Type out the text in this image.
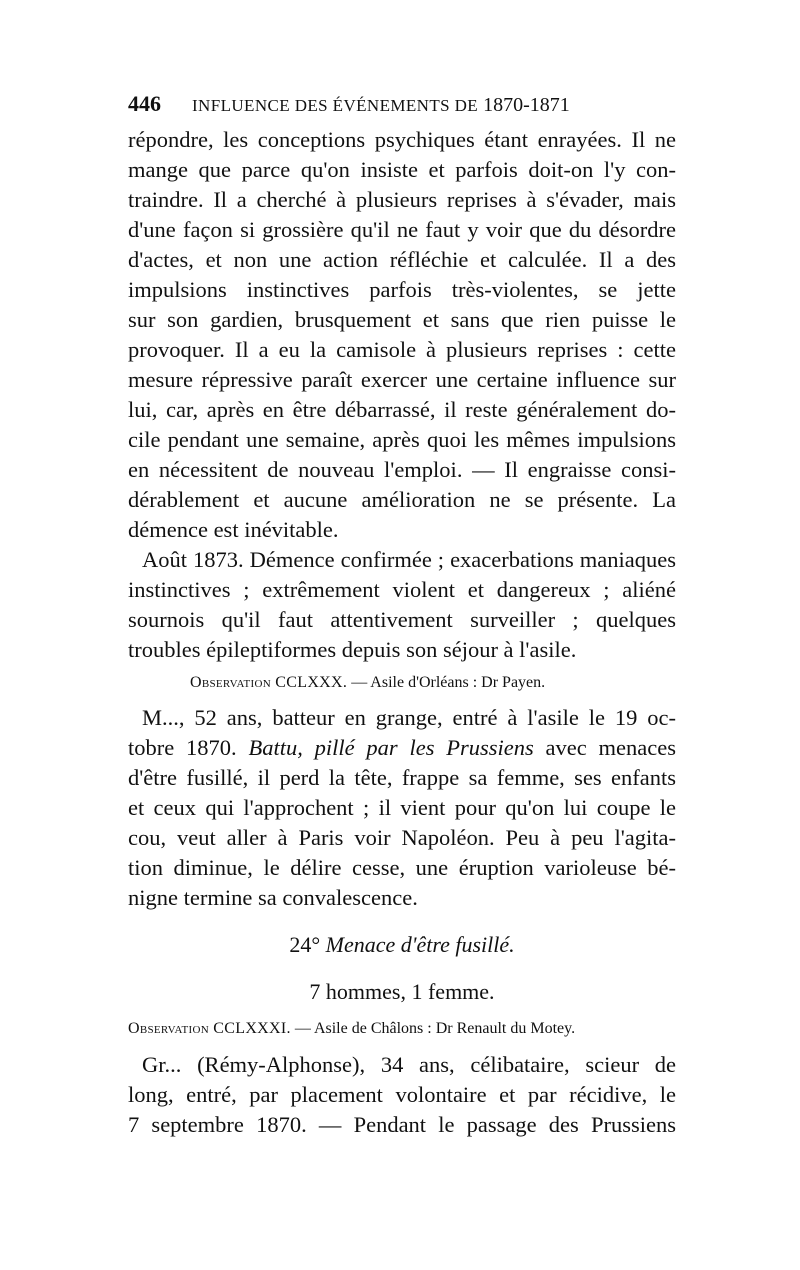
446 INFLUENCE DES ÉVÉNEMENTS DE 1870-1871
répondre, les conceptions psychiques étant enrayées. Il ne
mange que parce qu'on insiste et parfois doit-on l'y con-
traindre. Il a cherché à plusieurs reprises à s'évader, mais
d'une façon si grossière qu'il ne faut y voir que du désordre
d'actes, et non une action réfléchie et calculée. Il a des
impulsions instinctives parfois très-violentes, se jette
sur son gardien, brusquement et sans que rien puisse le
provoquer. Il a eu la camisole à plusieurs reprises : cette
mesure répressive paraît exercer une certaine influence sur
lui, car, après en être débarrassé, il reste généralement do-
cile pendant une semaine, après quoi les mêmes impulsions
en nécessitent de nouveau l'emploi. — Il engraisse consi-
dérablement et aucune amélioration ne se présente. La
démence est inévitable.
Août 1873. Démence confirmée ; exacerbations maniaques
instinctives ; extrêmement violent et dangereux ; aliéné
sournois qu'il faut attentivement surveiller ; quelques
troubles épileptiformes depuis son séjour à l'asile.
Observation CCLXXX. — Asile d'Orléans : Dr Payen.
M..., 52 ans, batteur en grange, entré à l'asile le 19 oc-
tobre 1870. Battu, pillé par les Prussiens avec menaces
d'être fusillé, il perd la tête, frappe sa femme, ses enfants
et ceux qui l'approchent ; il vient pour qu'on lui coupe le
cou, veut aller à Paris voir Napoléon. Peu à peu l'agita-
tion diminue, le délire cesse, une éruption varioleuse bé-
nigne termine sa convalescence.
24° Menace d'être fusillé.
7 hommes, 1 femme.
Observation CCLXXXI. — Asile de Châlons : Dr Renault du Motey.
Gr... (Rémy-Alphonse), 34 ans, célibataire, scieur de
long, entré, par placement volontaire et par récidive, le
7 septembre 1870. — Pendant le passage des Prussiens
